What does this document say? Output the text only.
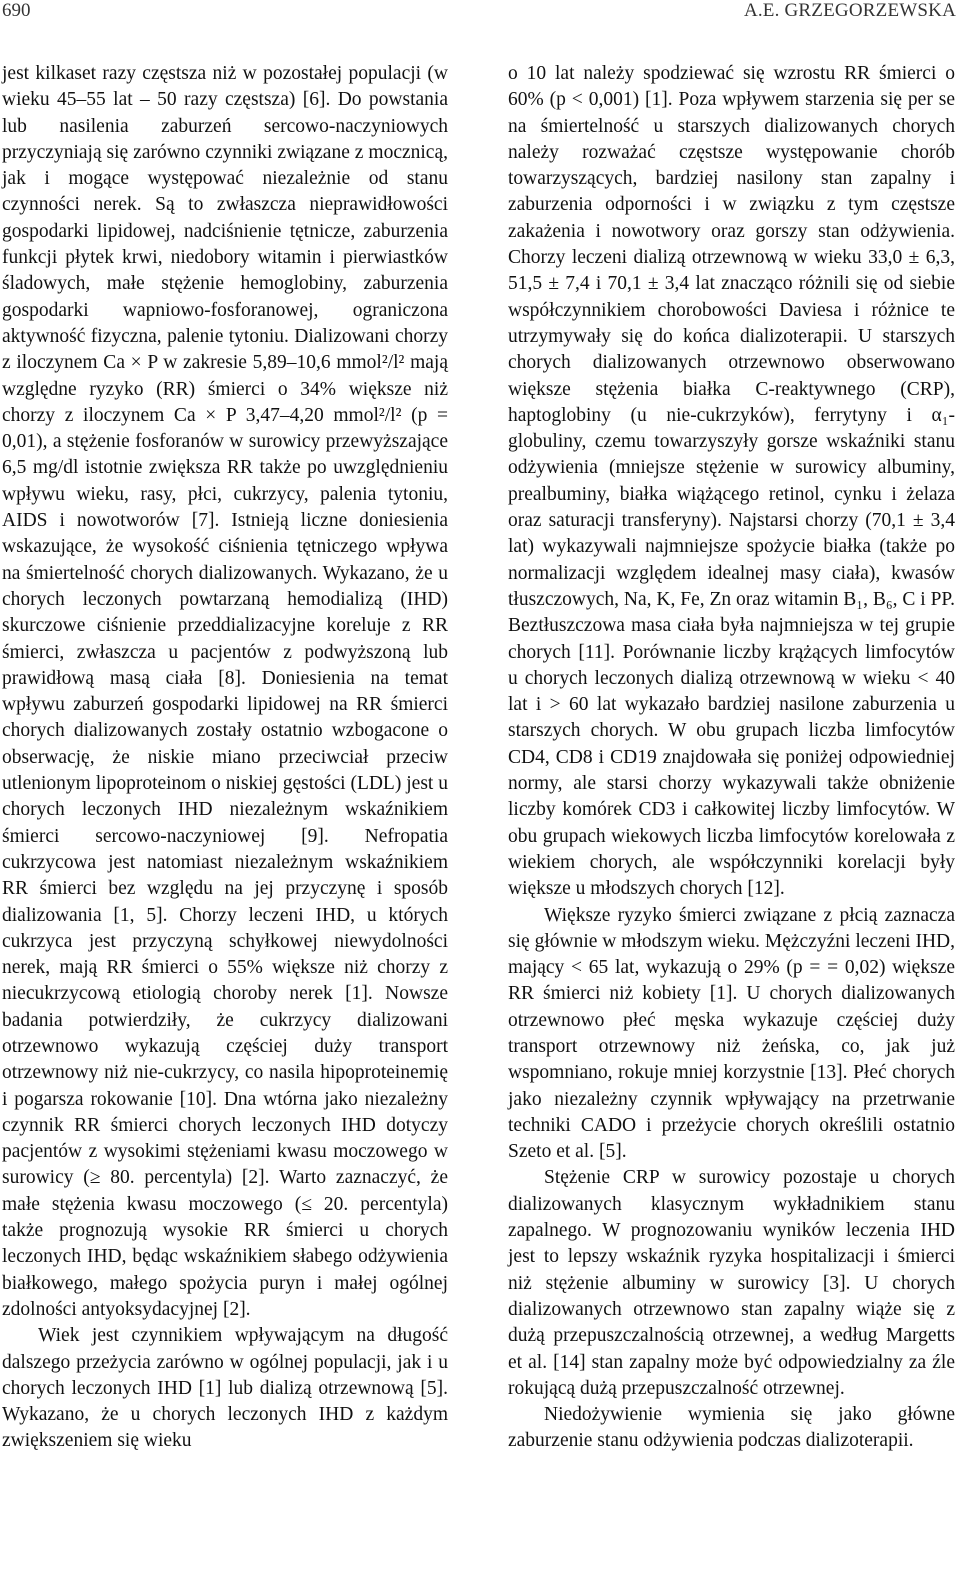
690	A.E. GRZEGORZEWSKA

jest kilkaset razy częstsza niż w pozostałej populacji (w wieku 45–55 lat – 50 razy częstsza) [6]. Do powstania lub nasilenia zaburzeń sercowo-naczyniowych przyczyniają się zarówno czynniki związane z mocznicą, jak i mogące występować niezależnie od stanu czynności nerek. Są to zwłaszcza nieprawidłowości gospodarki lipidowej, nadciśnienie tętnicze, zaburzenia funkcji płytek krwi, niedobory witamin i pierwiastków śladowych, małe stężenie hemoglobiny, zaburzenia gospodarki wapniowo-fosforanowej, ograniczona aktywność fizyczna, palenie tytoniu. Dializowani chorzy z iloczynem Ca × P w zakresie 5,89–10,6 mmol²/l² mają względne ryzyko (RR) śmierci o 34% większe niż chorzy z iloczynem Ca × P 3,47–4,20 mmol²/l² (p = 0,01), a stężenie fosforanów w surowicy przewyższające 6,5 mg/dl istotnie zwiększa RR także po uwzględnieniu wpływu wieku, rasy, płci, cukrzycy, palenia tytoniu, AIDS i nowotworów [7]. Istnieją liczne doniesienia wskazujące, że wysokość ciśnienia tętniczego wpływa na śmiertelność chorych dializowanych. Wykazano, że u chorych leczonych powtarzaną hemodializą (IHD) skurczowe ciśnienie przeddializacyjne koreluje z RR śmierci, zwłaszcza u pacjentów z podwyższoną lub prawidłową masą ciała [8]. Doniesienia na temat wpływu zaburzeń gospodarki lipidowej na RR śmierci chorych dializowanych zostały ostatnio wzbogacone o obserwację, że niskie miano przeciwciał przeciw utlenionym lipoproteinom o niskiej gęstości (LDL) jest u chorych leczonych IHD niezależnym wskaźnikiem śmierci sercowo-naczyniowej [9]. Nefropatia cukrzycowa jest natomiast niezależnym wskaźnikiem RR śmierci bez względu na jej przyczynę i sposób dializowania [1, 5]. Chorzy leczeni IHD, u których cukrzyca jest przyczyną schyłkowej niewydolności nerek, mają RR śmierci o 55% większe niż chorzy z niecukrzycową etiologią choroby nerek [1]. Nowsze badania potwierdziły, że cukrzycy dializowani otrzewnowo wykazują częściej duży transport otrzewnowy niż nie-cukrzycy, co nasila hipoproteinemię i pogarsza rokowanie [10]. Dna wtórna jako niezależny czynnik RR śmierci chorych leczonych IHD dotyczy pacjentów z wysokimi stężeniami kwasu moczowego w surowicy (≥ 80. percentyla) [2]. Warto zaznaczyć, że małe stężenia kwasu moczowego (≤ 20. percentyla) także prognozują wysokie RR śmierci u chorych leczonych IHD, będąc wskaźnikiem słabego odżywienia białkowego, małego spożycia puryn i małej ogólnej zdolności antyoksydacyjnej [2].

Wiek jest czynnikiem wpływającym na długość dalszego przeżycia zarówno w ogólnej populacji, jak i u chorych leczonych IHD [1] lub dializą otrzewnową [5]. Wykazano, że u chorych leczonych IHD z każdym zwiększeniem się wieku

o 10 lat należy spodziewać się wzrostu RR śmierci o 60% (p < 0,001) [1]. Poza wpływem starzenia się per se na śmiertelność u starszych dializowanych chorych należy rozważać częstsze występowanie chorób towarzyszących, bardziej nasilony stan zapalny i zaburzenia odporności i w związku z tym częstsze zakażenia i nowotwory oraz gorszy stan odżywienia. Chorzy leczeni dializą otrzewnową w wieku 33,0 ± 6,3, 51,5 ± 7,4 i 70,1 ± 3,4 lat znacząco różnili się od siebie współczynnikiem chorobowości Daviesa i różnice te utrzymywały się do końca dializoterapii. U starszych chorych dializowanych otrzewnowo obserwowano większe stężenia białka C-reaktywnego (CRP), haptoglobiny (u nie-cukrzyków), ferrytyny i α₁-globuliny, czemu towarzyszyły gorsze wskaźniki stanu odżywienia (mniejsze stężenie w surowicy albuminy, prealbuminy, białka wiążącego retinol, cynku i żelaza oraz saturacji transferyny). Najstarsi chorzy (70,1 ± 3,4 lat) wykazywali najmniejsze spożycie białka (także po normalizacji względem idealnej masy ciała), kwasów tłuszczowych, Na, K, Fe, Zn oraz witamin B₁, B₆, C i PP. Beztłuszczowa masa ciała była najmniejsza w tej grupie chorych [11]. Porównanie liczby krążących limfocytów u chorych leczonych dializą otrzewnową w wieku < 40 lat i > 60 lat wykazało bardziej nasilone zaburzenia u starszych chorych. W obu grupach liczba limfocytów CD4, CD8 i CD19 znajdowała się poniżej odpowiedniej normy, ale starsi chorzy wykazywali także obniżenie liczby komórek CD3 i całkowitej liczby limfocytów. W obu grupach wiekowych liczba limfocytów korelowała z wiekiem chorych, ale współczynniki korelacji były większe u młodszych chorych [12].

Większe ryzyko śmierci związane z płcią zaznacza się głównie w młodszym wieku. Mężczyźni leczeni IHD, mający < 65 lat, wykazują o 29% (p = = 0,02) większe RR śmierci niż kobiety [1]. U chorych dializowanych otrzewnowo płeć męska wykazuje częściej duży transport otrzewnowy niż żeńska, co, jak już wspomniano, rokuje mniej korzystnie [13]. Płeć chorych jako niezależny czynnik wpływający na przetrwanie techniki CADO i przeżycie chorych określili ostatnio Szeto et al. [5].

Stężenie CRP w surowicy pozostaje u chorych dializowanych klasycznym wykładnikiem stanu zapalnego. W prognozowaniu wyników leczenia IHD jest to lepszy wskaźnik ryzyka hospitalizacji i śmierci niż stężenie albuminy w surowicy [3]. U chorych dializowanych otrzewnowo stan zapalny wiąże się z dużą przepuszczalnością otrzewnej, a według Margetts et al. [14] stan zapalny może być odpowiedzialny za źle rokującą dużą przepuszczalność otrzewnej.

Niedożywienie wymienia się jako główne zaburzenie stanu odżywienia podczas dializoterapii.
